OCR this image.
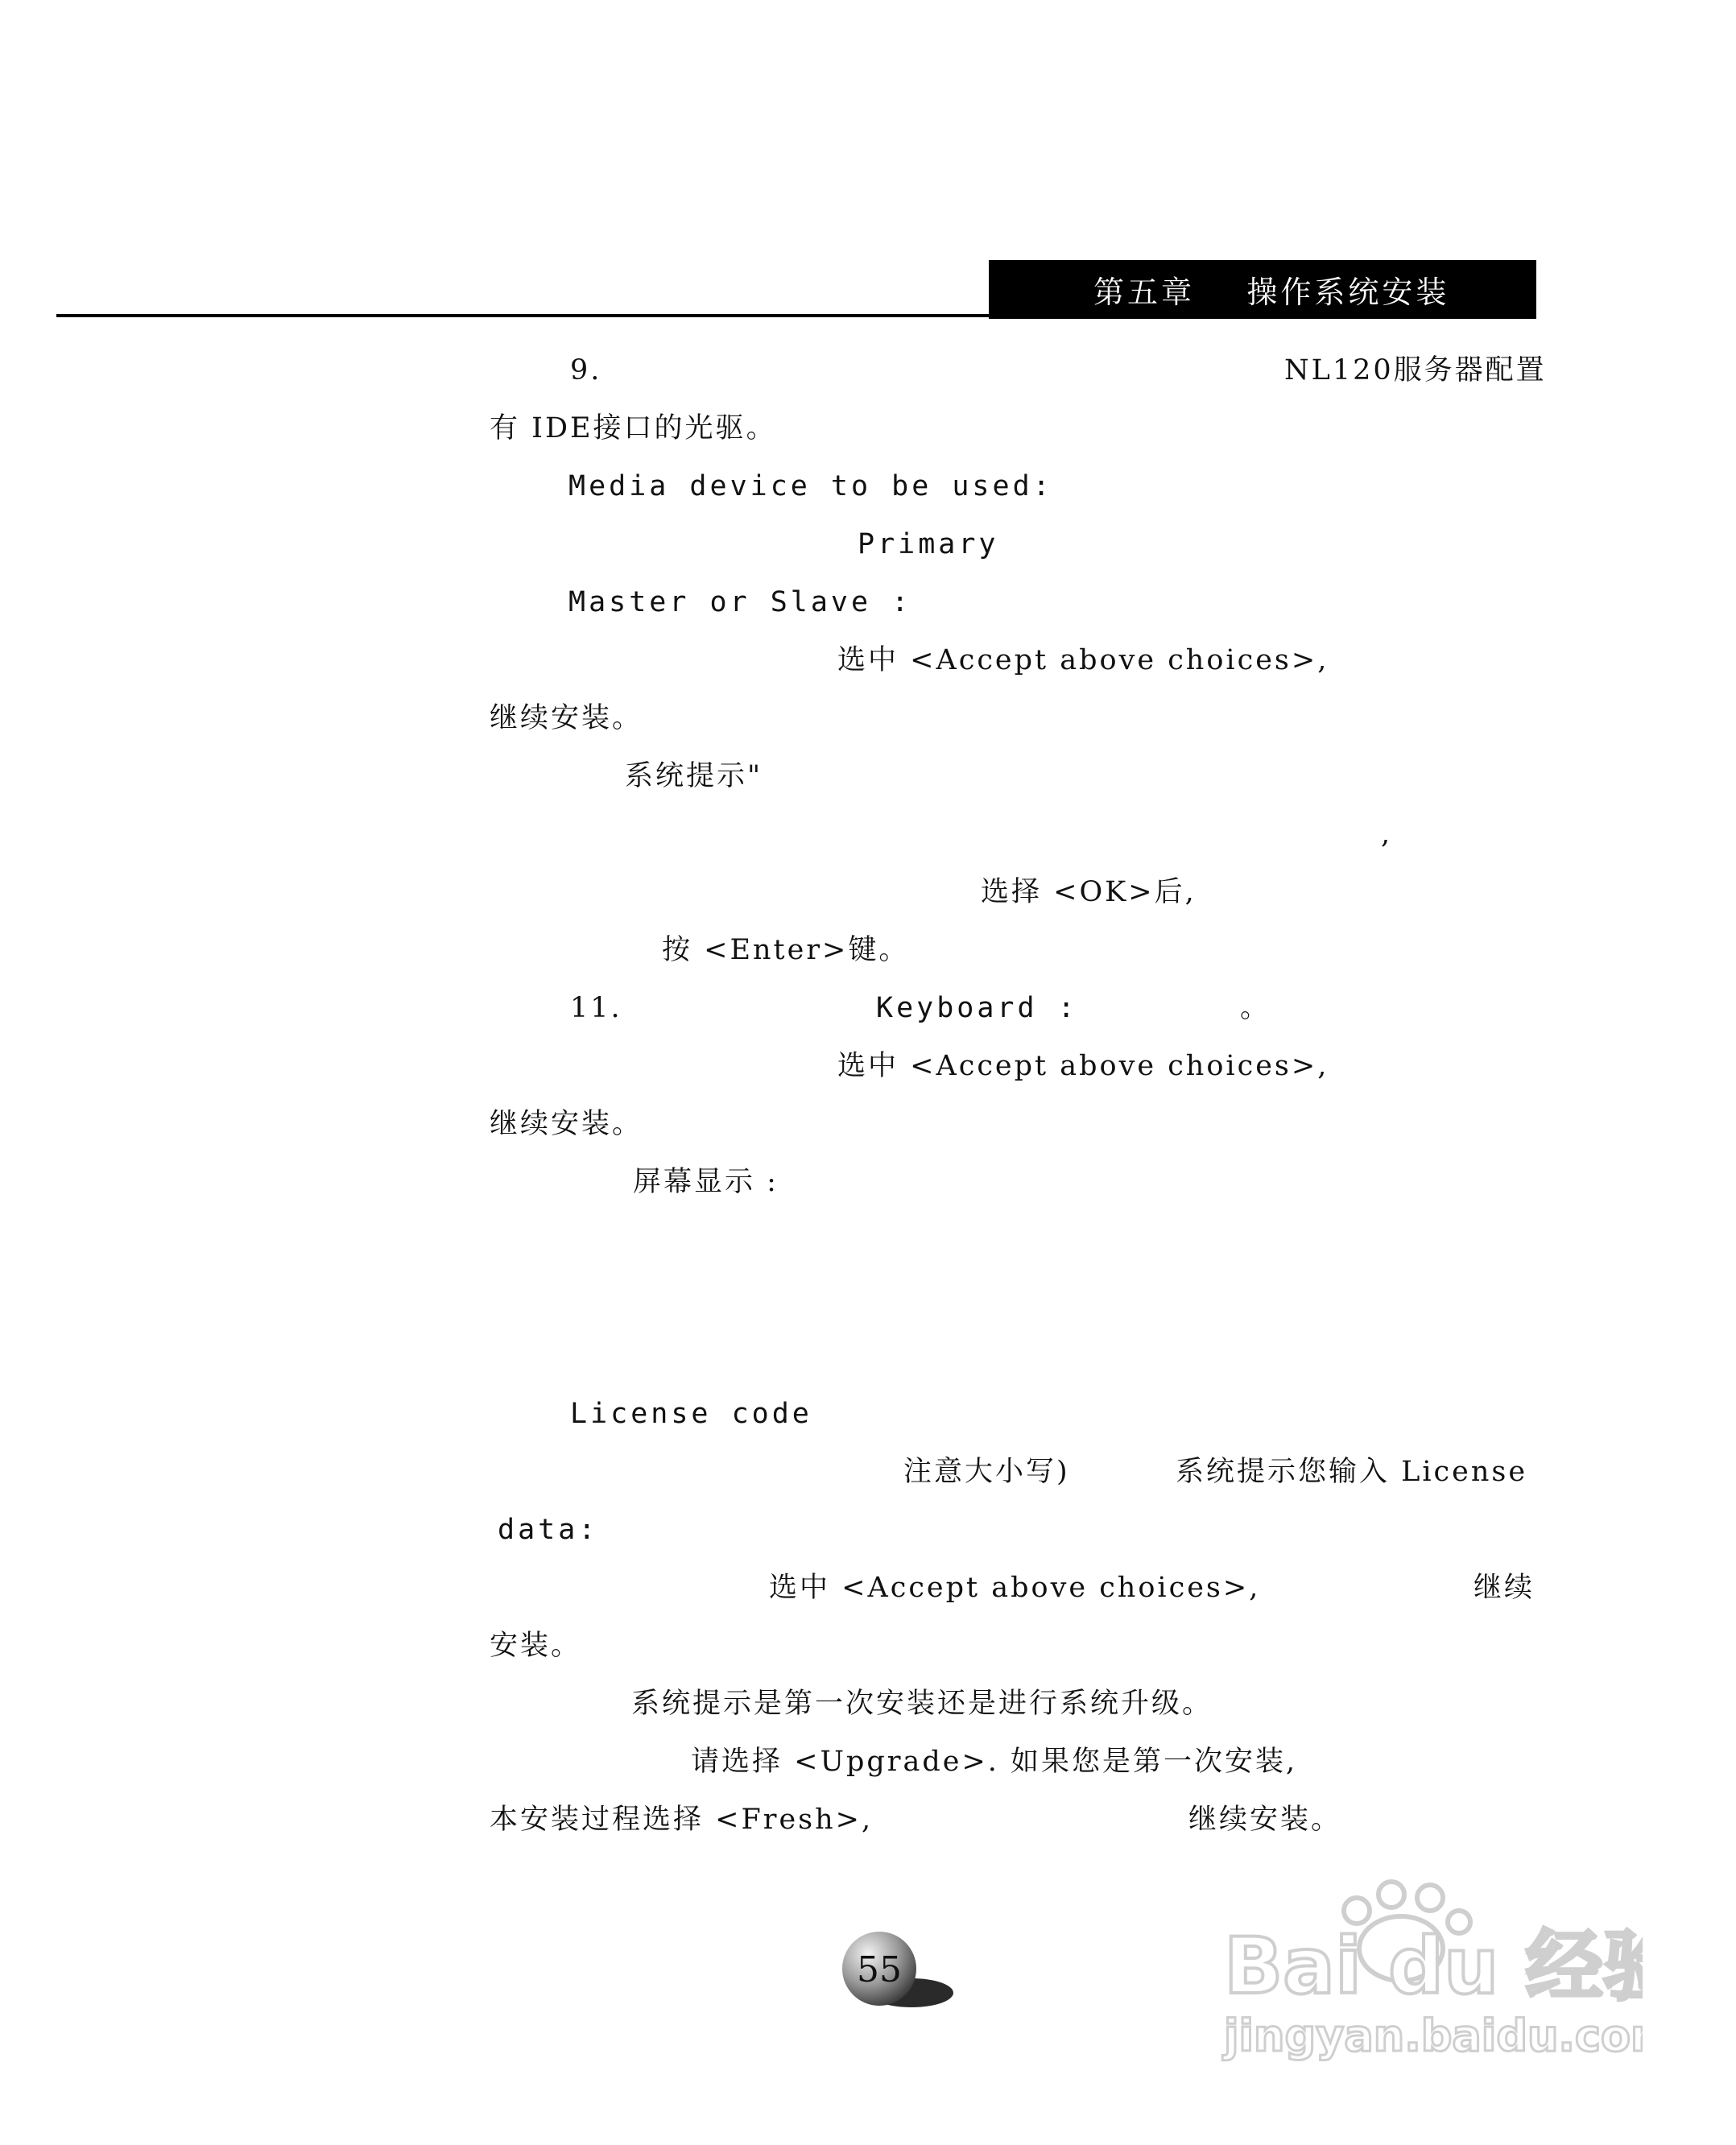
第五章    操作系统安装
9.	NL120服务器配置
有 IDE接口的光驱。
Media device to be used:
Primary
Master or Slave :
选中 <Accept above choices>,
继续安装。
系统提示"
,
选择 <OK>后,
按 <Enter>键。
11.	Keyboard :	。
选中 <Accept above choices>,
继续安装。
屏幕显示 :
License code
注意大小写)	系统提示您输入 License
data:
选中 <Accept above choices>,	继续
安装。
系统提示是第一次安装还是进行系统升级。
请选择 <Upgrade>. 如果您是第一次安装,
本安装过程选择 <Fresh>,	继续安装。
55	Bai du 经验
jingyan.baidu.com
